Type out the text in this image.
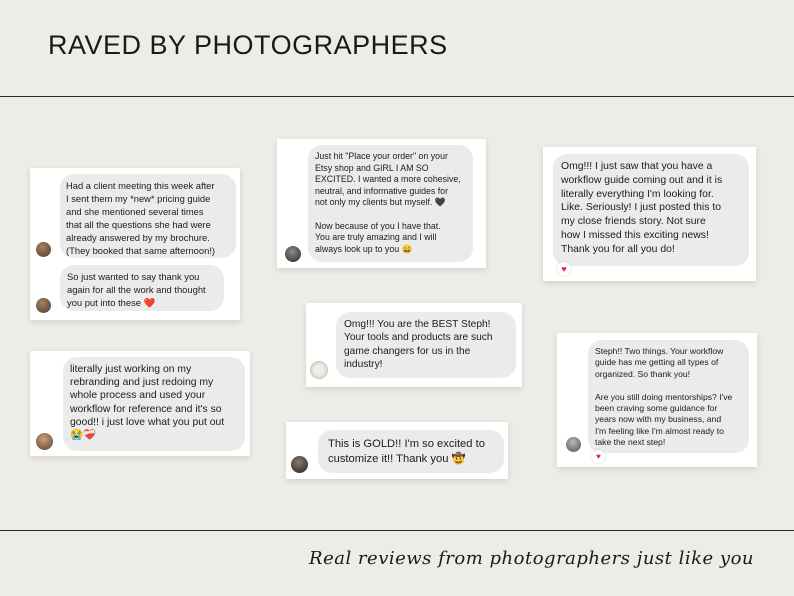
RAVED BY PHOTOGRAPHERS
Had a client meeting this week after
I sent them my *new* pricing guide
and she mentioned several times
that all the questions she had were
already answered by my brochure.
(They booked that same afternoon!)
So just wanted to say thank you
again for all the work and thought
you put into these ❤️
literally just working on my
rebranding and just redoing my
whole process and used your
workflow for reference and it's so
good!! i just love what you put out
😭❤️‍🩹
Just hit "Place your order" on your
Etsy shop and GIRL I AM SO
EXCITED. I wanted a more cohesive,
neutral, and informative guides for
not only my clients but myself. 🖤

Now because of you I have that.
You are truly amazing and I will
always look up to you 😄
Omg!!! You are the BEST Steph!
Your tools and products are such
game changers for us in the
industry!
This is GOLD!! I'm so excited to
customize it!! Thank you 🤠
Omg!!! I just saw that you have a
workflow guide coming out and it is
literally everything I'm looking for.
Like. Seriously! I just posted this to
my close friends story. Not sure
how I missed this exciting news!
Thank you for all you do!
♥
Steph!! Two things. Your workflow
guide has me getting all types of
organized. So thank you!

Are you still doing mentorships? I've
been craving some guidance for
years now with my business, and
I'm feeling like I'm almost ready to
take the next step!
♥
Real reviews from photographers just like you
